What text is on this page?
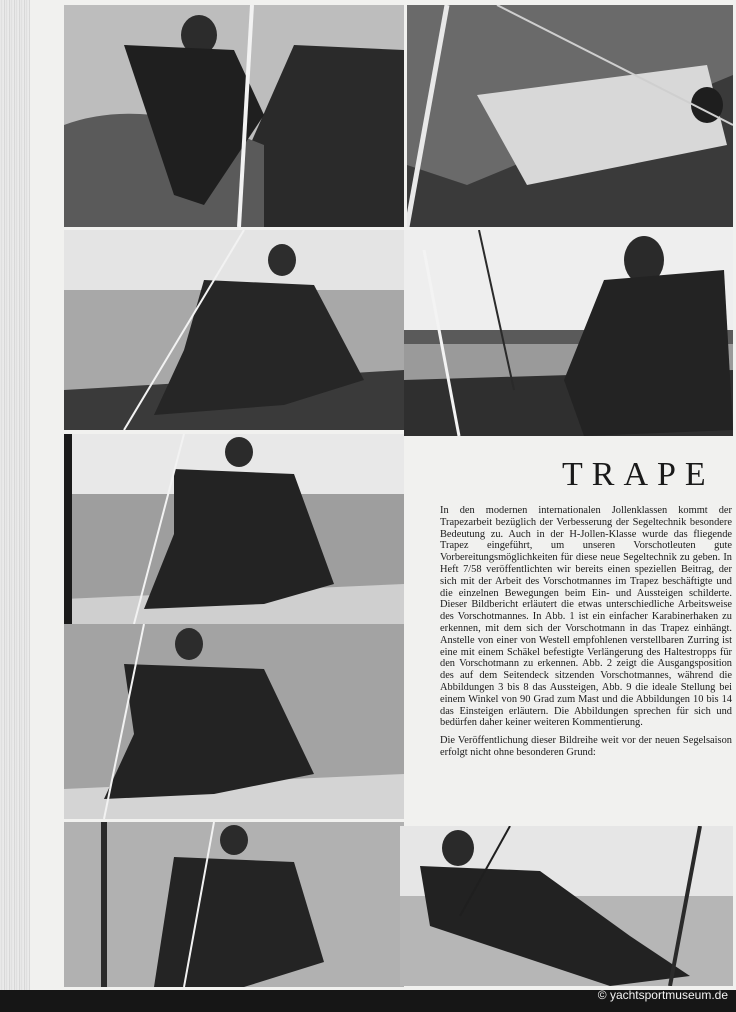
TRAPE

In den modernen internationalen Jollenklassen kommt der Trapezarbeit bezüglich der Verbesserung der Segeltechnik besondere Bedeutung zu. Auch in der H-Jollen-Klasse wurde das fliegende Trapez eingeführt, um unseren Vorschotleuten gute Vorbereitungsmöglichkeiten für diese neue Segeltechnik zu geben. In Heft 7/58 veröffentlichten wir bereits einen speziellen Beitrag, der sich mit der Arbeit des Vorschotmannes im Trapez beschäftigte und die einzelnen Bewegungen beim Ein- und Aussteigen schilderte. Dieser Bildbericht erläutert die etwas unterschiedliche Arbeitsweise des Vorschotmannes. In Abb. 1 ist ein einfacher Karabinerhaken zu erkennen, mit dem sich der Vorschotmann in das Trapez einhängt. Anstelle von einer von Westell empfohlenen verstellbaren Zurring ist eine mit einem Schäkel befestigte Verlängerung des Haltestropps für den Vorschotmann zu erkennen. Abb. 2 zeigt die Ausgangsposition des auf dem Seitendeck sitzenden Vorschotmannes, während die Abbildungen 3 bis 8 das Aussteigen, Abb. 9 die ideale Stellung bei einem Winkel von 90 Grad zum Mast und die Abbildungen 10 bis 14 das Einsteigen erläutern. Die Abbildungen sprechen für sich und bedürfen daher keiner weiteren Kommentierung.

Die Veröffentlichung dieser Bildreihe weit vor der neuen Segelsaison erfolgt nicht ohne besonderen Grund:

© yachtsportmuseum.de
